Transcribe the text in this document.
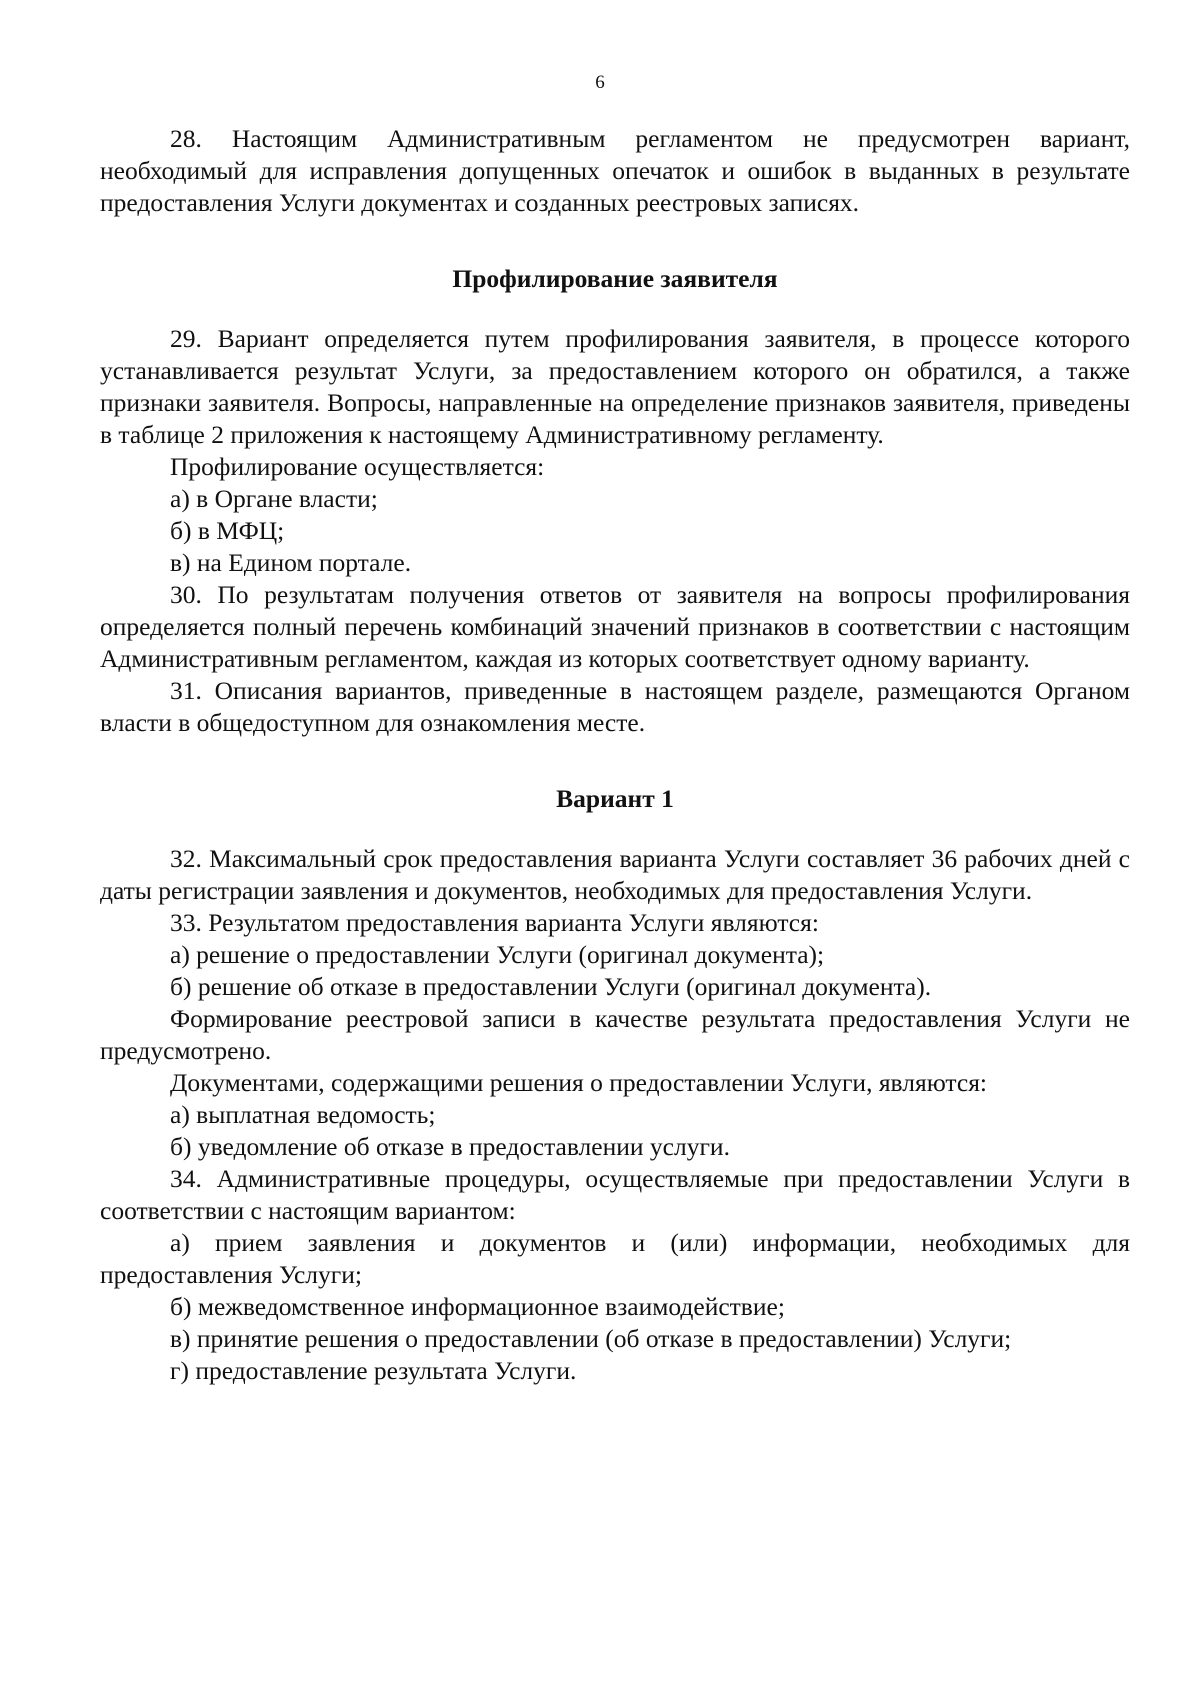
6

28. Настоящим Административным регламентом не предусмотрен вариант, необходимый для исправления допущенных опечаток и ошибок в выданных в результате предоставления Услуги документах и созданных реестровых записях.

Профилирование заявителя

29. Вариант определяется путем профилирования заявителя, в процессе которого устанавливается результат Услуги, за предоставлением которого он обратился, а также признаки заявителя. Вопросы, направленные на определение признаков заявителя, приведены в таблице 2 приложения к настоящему Административному регламенту.

Профилирование осуществляется:

а) в Органе власти;

б) в МФЦ;

в) на Едином портале.

30. По результатам получения ответов от заявителя на вопросы профилирования определяется полный перечень комбинаций значений признаков в соответствии с настоящим Административным регламентом, каждая из которых соответствует одному варианту.

31. Описания вариантов, приведенные в настоящем разделе, размещаются Органом власти в общедоступном для ознакомления месте.

Вариант 1

32. Максимальный срок предоставления варианта Услуги составляет 36 рабочих дней с даты регистрации заявления и документов, необходимых для предоставления Услуги.

33. Результатом предоставления варианта Услуги являются:

а) решение о предоставлении Услуги (оригинал документа);

б) решение об отказе в предоставлении Услуги (оригинал документа).

Формирование реестровой записи в качестве результата предоставления Услуги не предусмотрено.

Документами, содержащими решения о предоставлении Услуги, являются:

а) выплатная ведомость;

б) уведомление об отказе в предоставлении услуги.

34. Административные процедуры, осуществляемые при предоставлении Услуги в соответствии с настоящим вариантом:

а) прием заявления и документов и (или) информации, необходимых для предоставления Услуги;

б) межведомственное информационное взаимодействие;

в) принятие решения о предоставлении (об отказе в предоставлении) Услуги;

г) предоставление результата Услуги.
